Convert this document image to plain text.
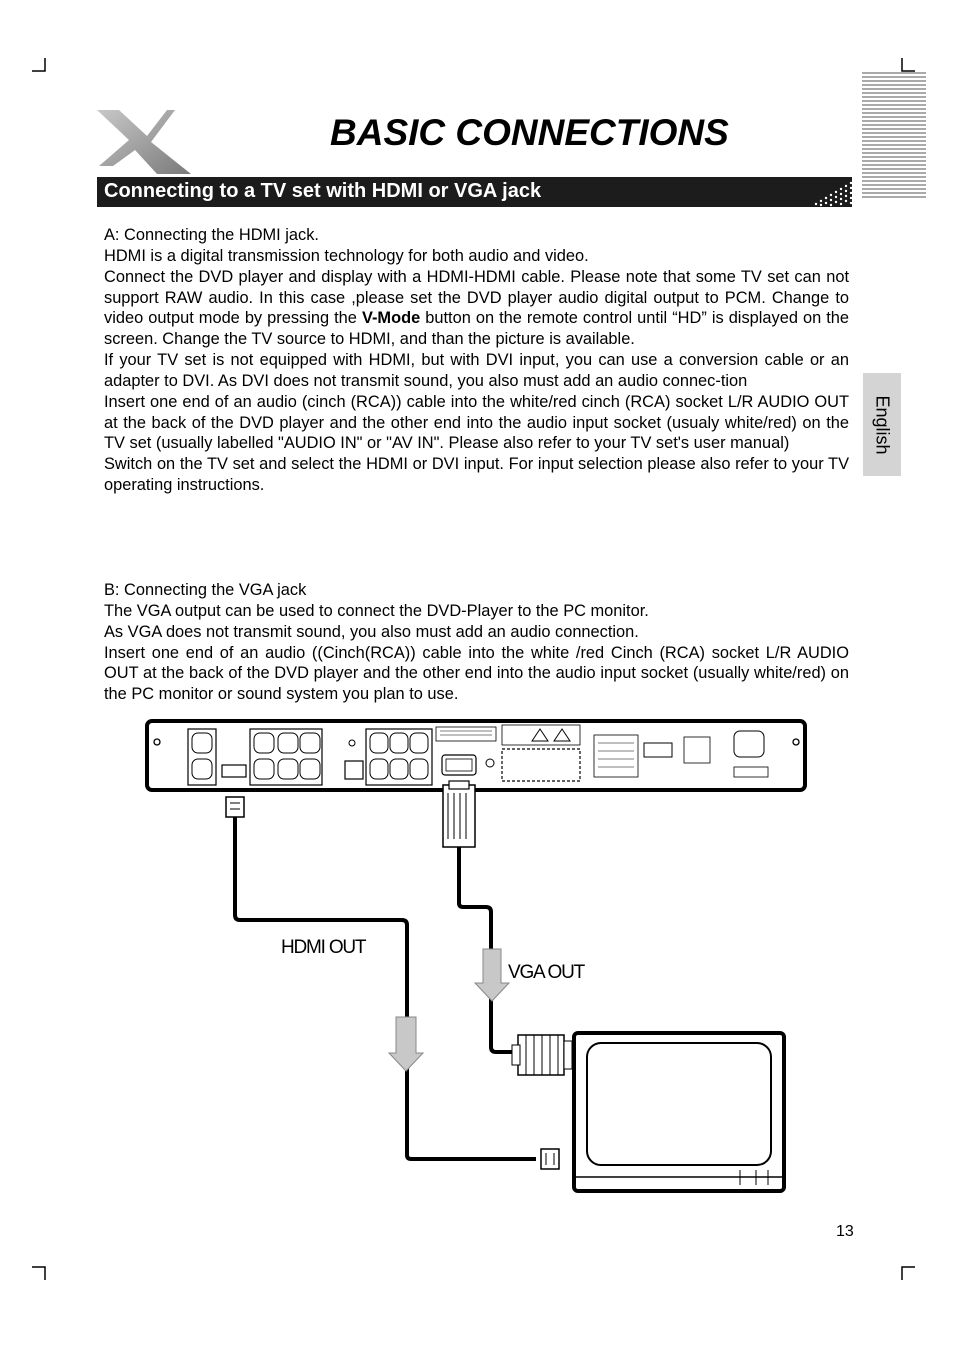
BASIC CONNECTIONS
Connecting to a TV set with HDMI or VGA jack
English

A: Connecting the HDMI jack.

HDMI is a digital transmission technology for both audio and video.

Connect the DVD player and display with a HDMI-HDMI cable. Please note that some TV set can not support RAW audio. In this case ,please set the DVD player audio digital output to PCM. Change to video output mode by pressing the V-Mode button on the remote control until “HD” is displayed on the screen. Change the TV source to HDMI, and than the picture is available.

If your TV set is not equipped with HDMI, but with DVI input, you can use a conversion cable or an adapter to DVI. As DVI does not transmit sound, you also must add an audio connec-tion

Insert one end of an audio (cinch (RCA)) cable into the white/red cinch (RCA) socket L/R AUDIO OUT at the back of the DVD player and the other end into the audio input socket (usualy white/red) on the TV set (usually labelled "AUDIO IN" or "AV IN". Please also refer to your TV set's user manual)

Switch on the TV set and select the HDMI or DVI input. For input selection please also refer to your TV operating instructions.

B: Connecting the VGA jack

The VGA output can be used to connect the DVD-Player to the PC monitor.

As VGA does not transmit sound, you also must add an audio connection.

Insert one end of an audio ((Cinch(RCA)) cable into the white /red Cinch (RCA) socket L/R AUDIO OUT at the back of the DVD player and the other end into the audio input socket (usually white/red) on the PC monitor or sound system you plan to use.

HDMI OUT
VGA OUT
13
